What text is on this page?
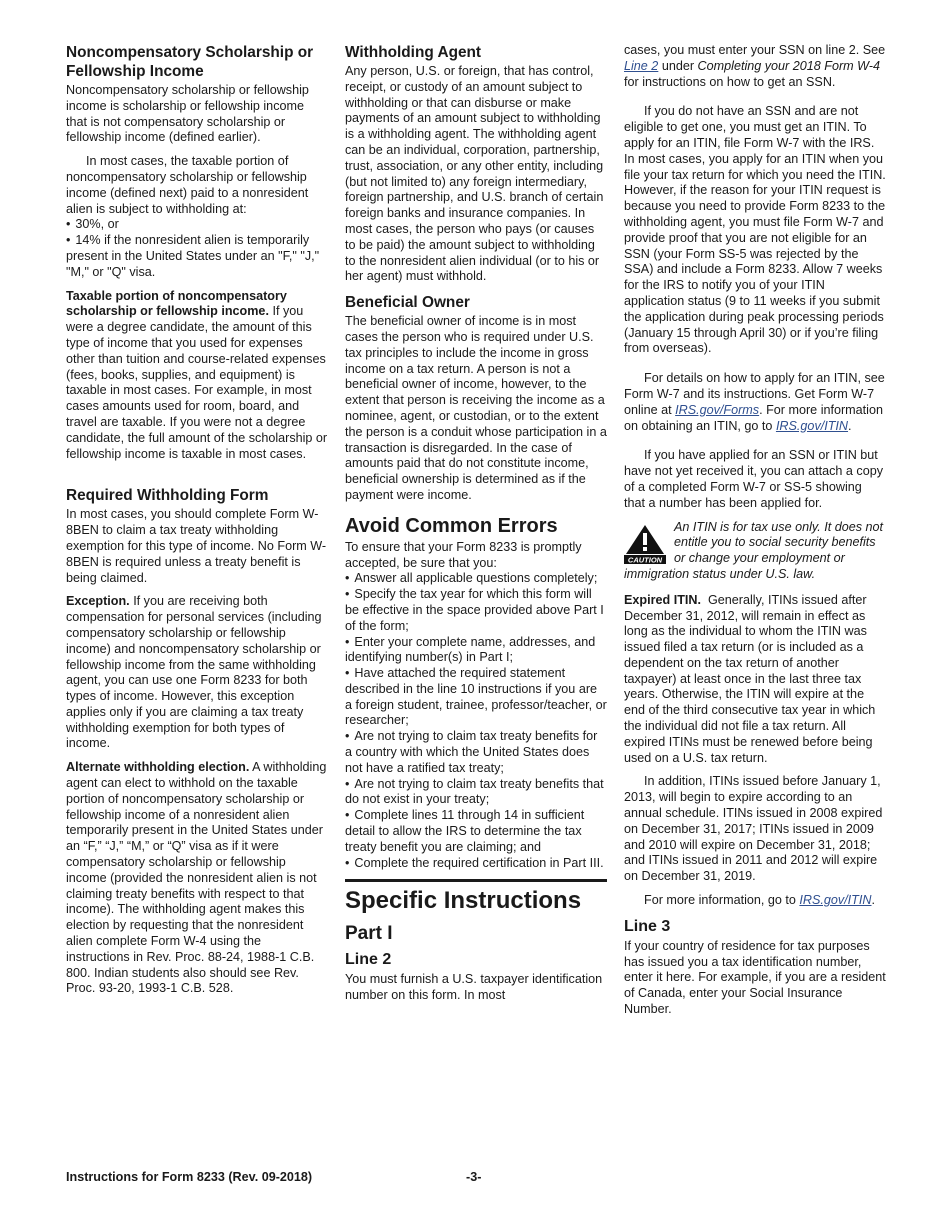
Noncompensatory Scholarship or Fellowship Income

Noncompensatory scholarship or fellowship income is scholarship or fellowship income that is not compensatory scholarship or fellowship income (defined earlier).

In most cases, the taxable portion of noncompensatory scholarship or fellowship income (defined next) paid to a nonresident alien is subject to withholding at:

• 30%, or
• 14% if the nonresident alien is temporarily present in the United States under an "F," "J," "M," or "Q" visa.

Taxable portion of noncompensatory scholarship or fellowship income. If you were a degree candidate, the amount of this type of income that you used for expenses other than tuition and course-related expenses (fees, books, supplies, and equipment) is taxable in most cases. For example, in most cases amounts used for room, board, and travel are taxable. If you were not a degree candidate, the full amount of the scholarship or fellowship income is taxable in most cases.

Required Withholding Form

In most cases, you should complete Form W-8BEN to claim a tax treaty withholding exemption for this type of income. No Form W-8BEN is required unless a treaty benefit is being claimed.

Exception. If you are receiving both compensation for personal services (including compensatory scholarship or fellowship income) and noncompensatory scholarship or fellowship income from the same withholding agent, you can use one Form 8233 for both types of income. However, this exception applies only if you are claiming a tax treaty withholding exemption for both types of income.

Alternate withholding election. A withholding agent can elect to withhold on the taxable portion of noncompensatory scholarship or fellowship income of a nonresident alien temporarily present in the United States under an “F,” “J,” “M,” or “Q” visa as if it were compensatory scholarship or fellowship income (provided the nonresident alien is not claiming treaty benefits with respect to that income). The withholding agent makes this election by requesting that the nonresident alien complete Form W-4 using the instructions in Rev. Proc. 88-24, 1988-1 C.B. 800. Indian students also should see Rev. Proc. 93-20, 1993-1 C.B. 528.

Withholding Agent

Any person, U.S. or foreign, that has control, receipt, or custody of an amount subject to withholding or that can disburse or make payments of an amount subject to withholding is a withholding agent. The withholding agent can be an individual, corporation, partnership, trust, association, or any other entity, including (but not limited to) any foreign intermediary, foreign partnership, and U.S. branch of certain foreign banks and insurance companies. In most cases, the person who pays (or causes to be paid) the amount subject to withholding to the nonresident alien individual (or to his or her agent) must withhold.

Beneficial Owner

The beneficial owner of income is in most cases the person who is required under U.S. tax principles to include the income in gross income on a tax return. A person is not a beneficial owner of income, however, to the extent that person is receiving the income as a nominee, agent, or custodian, or to the extent the person is a conduit whose participation in a transaction is disregarded. In the case of amounts paid that do not constitute income, beneficial ownership is determined as if the payment were income.

Avoid Common Errors

To ensure that your Form 8233 is promptly accepted, be sure that you:

• Answer all applicable questions completely;
• Specify the tax year for which this form will be effective in the space provided above Part I of the form;
• Enter your complete name, addresses, and identifying number(s) in Part I;
• Have attached the required statement described in the line 10 instructions if you are a foreign student, trainee, professor/teacher, or researcher;
• Are not trying to claim tax treaty benefits for a country with which the United States does not have a ratified tax treaty;
• Are not trying to claim tax treaty benefits that do not exist in your treaty;
• Complete lines 11 through 14 in sufficient detail to allow the IRS to determine the tax treaty benefit you are claiming; and
• Complete the required certification in Part III.
Specific Instructions
Part I
Line 2

You must furnish a U.S. taxpayer identification number on this form. In most

cases, you must enter your SSN on line 2. See Line 2 under Completing your 2018 Form W-4 for instructions on how to get an SSN.

If you do not have an SSN and are not eligible to get one, you must get an ITIN. To apply for an ITIN, file Form W-7 with the IRS. In most cases, you apply for an ITIN when you file your tax return for which you need the ITIN. However, if the reason for your ITIN request is because you need to provide Form 8233 to the withholding agent, you must file Form W-7 and provide proof that you are not eligible for an SSN (your Form SS-5 was rejected by the SSA) and include a Form 8233. Allow 7 weeks for the IRS to notify you of your ITIN application status (9 to 11 weeks if you submit the application during peak processing periods (January 15 through April 30) or if you’re filing from overseas).

For details on how to apply for an ITIN, see Form W-7 and its instructions. Get Form W-7 online at IRS.gov/Forms. For more information on obtaining an ITIN, go to IRS.gov/ITIN.

If you have applied for an SSN or ITIN but have not yet received it, you can attach a copy of a completed Form W-7 or SS-5 showing that a number has been applied for.

CAUTION
An ITIN is for tax use only. It does not entitle you to social security benefits or change your employment or immigration status under U.S. law.

Expired ITIN. Generally, ITINs issued after December 31, 2012, will remain in effect as long as the individual to whom the ITIN was issued filed a tax return (or is included as a dependent on the tax return of another taxpayer) at least once in the last three tax years. Otherwise, the ITIN will expire at the end of the third consecutive tax year in which the individual did not file a tax return. All expired ITINs must be renewed before being used on a U.S. tax return.

In addition, ITINs issued before January 1, 2013, will begin to expire according to an annual schedule. ITINs issued in 2008 expired on December 31, 2017; ITINs issued in 2009 and 2010 will expire on December 31, 2018; and ITINs issued in 2011 and 2012 will expire on December 31, 2019.

For more information, go to IRS.gov/ITIN.

Line 3

If your country of residence for tax purposes has issued you a tax identification number, enter it here. For example, if you are a resident of Canada, enter your Social Insurance Number.

Instructions for Form 8233 (Rev. 09-2018)	-3-
